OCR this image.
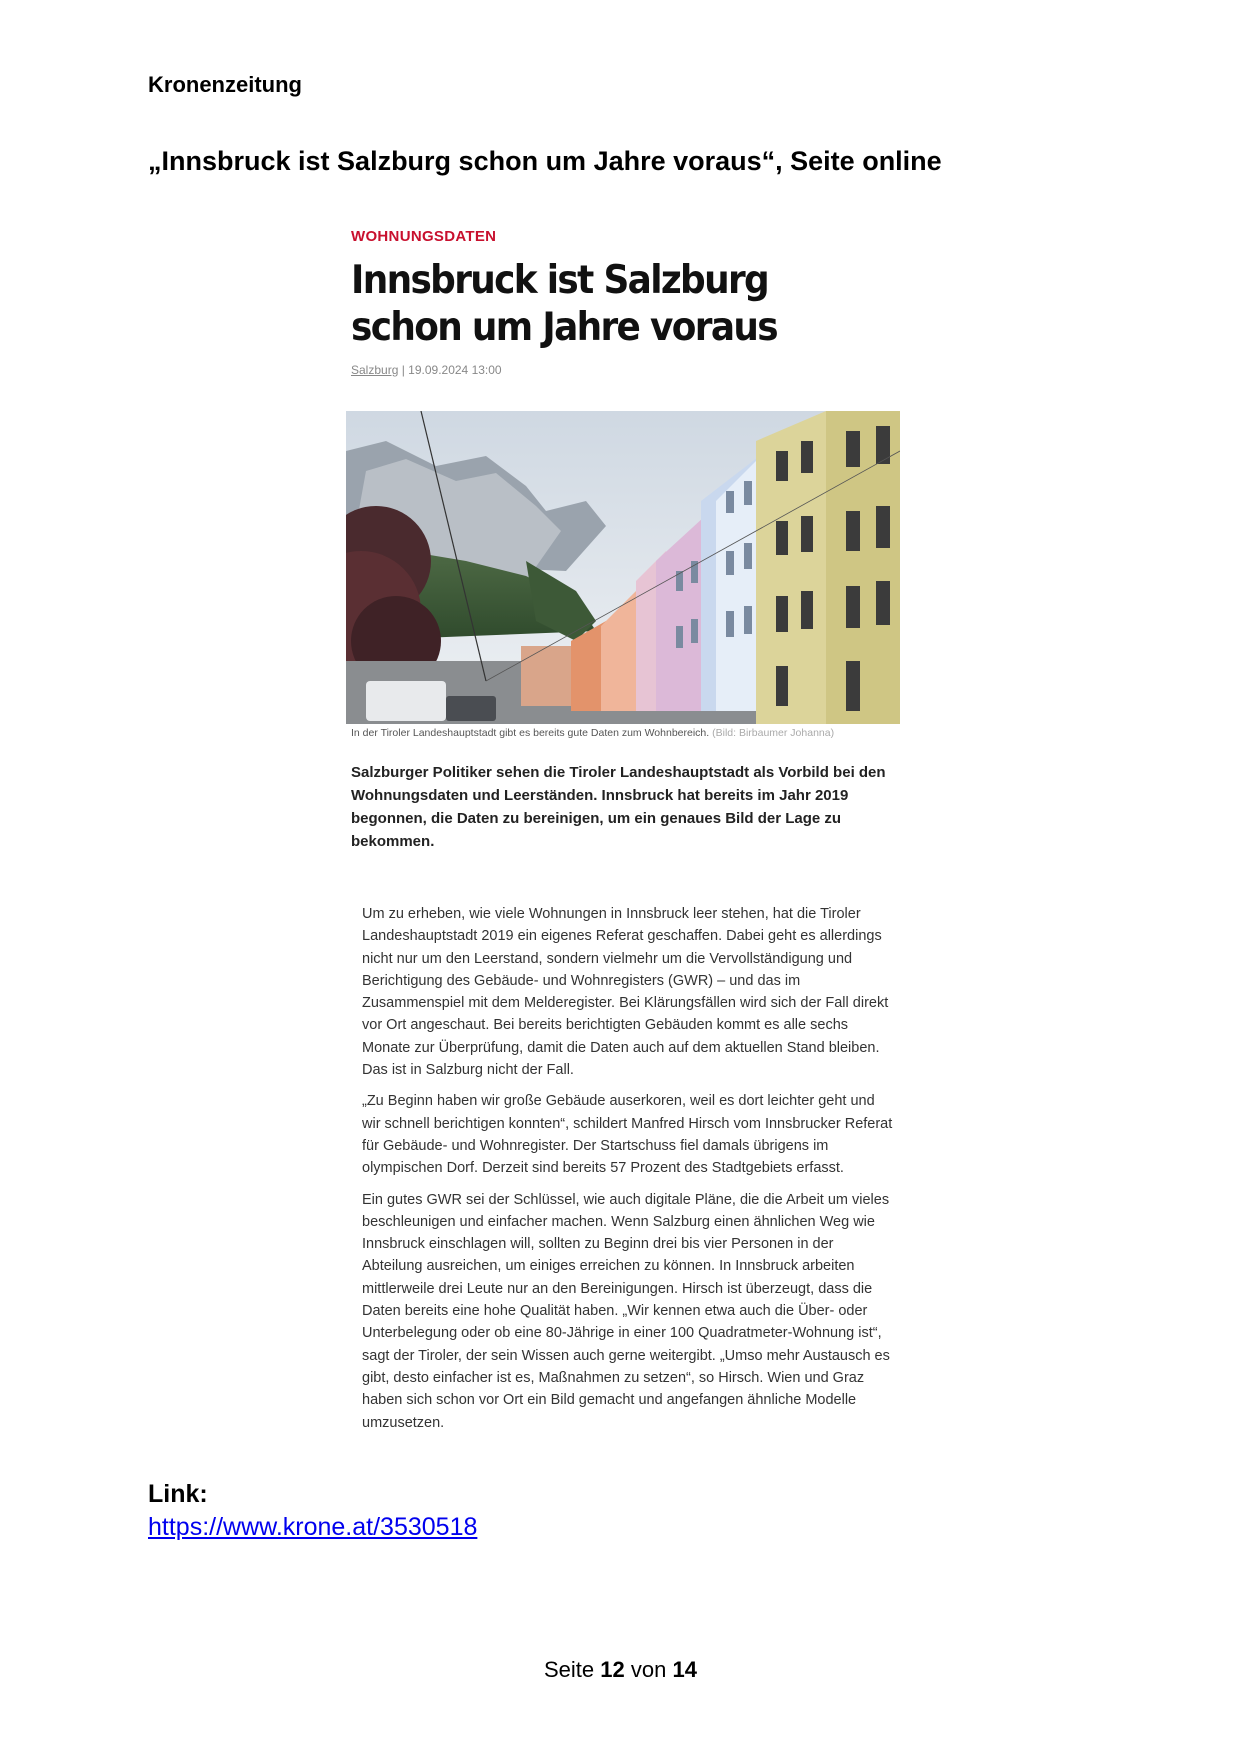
Kronenzeitung
„Innsbruck ist Salzburg schon um Jahre voraus“, Seite online
WOHNUNGSDATEN
Innsbruck ist Salzburg schon um Jahre voraus
Salzburg | 19.09.2024 13:00
In der Tiroler Landeshauptstadt gibt es bereits gute Daten zum Wohnbereich. (Bild: Birbaumer Johanna)
Salzburger Politiker sehen die Tiroler Landeshauptstadt als Vorbild bei den Wohnungsdaten und Leerständen. Innsbruck hat bereits im Jahr 2019 begonnen, die Daten zu bereinigen, um ein genaues Bild der Lage zu bekommen.

Um zu erheben, wie viele Wohnungen in Innsbruck leer stehen, hat die Tiroler Landeshauptstadt 2019 ein eigenes Referat geschaffen. Dabei geht es allerdings nicht nur um den Leerstand, sondern vielmehr um die Vervollständigung und Berichtigung des Gebäude- und Wohnregisters (GWR) – und das im Zusammenspiel mit dem Melderegister. Bei Klärungsfällen wird sich der Fall direkt vor Ort angeschaut. Bei bereits berichtigten Gebäuden kommt es alle sechs Monate zur Überprüfung, damit die Daten auch auf dem aktuellen Stand bleiben. Das ist in Salzburg nicht der Fall.

„Zu Beginn haben wir große Gebäude auserkoren, weil es dort leichter geht und wir schnell berichtigen konnten“, schildert Manfred Hirsch vom Innsbrucker Referat für Gebäude- und Wohnregister. Der Startschuss fiel damals übrigens im olympischen Dorf. Derzeit sind bereits 57 Prozent des Stadtgebiets erfasst.

Ein gutes GWR sei der Schlüssel, wie auch digitale Pläne, die die Arbeit um vieles beschleunigen und einfacher machen. Wenn Salzburg einen ähnlichen Weg wie Innsbruck einschlagen will, sollten zu Beginn drei bis vier Personen in der Abteilung ausreichen, um einiges erreichen zu können. In Innsbruck arbeiten mittlerweile drei Leute nur an den Bereinigungen. Hirsch ist überzeugt, dass die Daten bereits eine hohe Qualität haben. „Wir kennen etwa auch die Über- oder Unterbelegung oder ob eine 80-Jährige in einer 100 Quadratmeter-Wohnung ist“, sagt der Tiroler, der sein Wissen auch gerne weitergibt. „Umso mehr Austausch es gibt, desto einfacher ist es, Maßnahmen zu setzen“, so Hirsch. Wien und Graz haben sich schon vor Ort ein Bild gemacht und angefangen ähnliche Modelle umzusetzen.

Link:
https://www.krone.at/3530518
Seite 12 von 14
